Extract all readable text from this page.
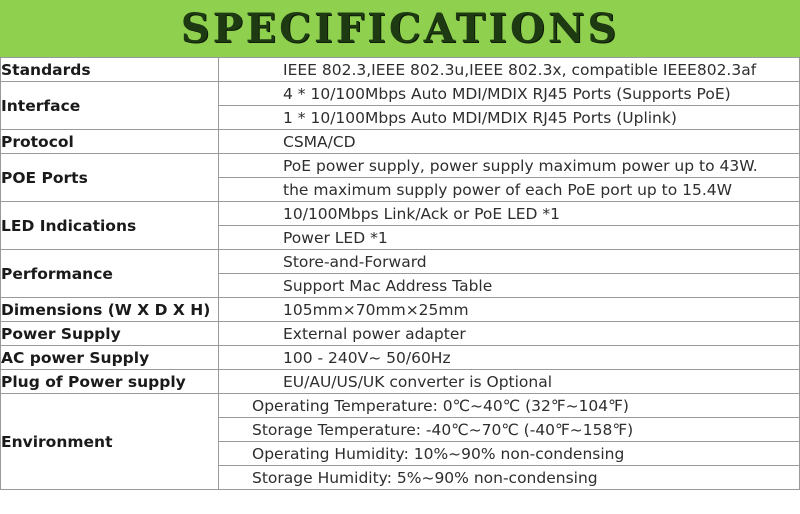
SPECIFICATIONS
Standards	IEEE 802.3,IEEE 802.3u,IEEE 802.3x, compatible IEEE802.3af
Interface	4 * 10/100Mbps Auto MDI/MDIX RJ45 Ports (Supports PoE)
	1 * 10/100Mbps Auto MDI/MDIX RJ45 Ports (Uplink)
Protocol	CSMA/CD
POE Ports	PoE power supply, power supply maximum power up to 43W.
	the maximum supply power of each PoE port up to 15.4W
LED Indications	10/100Mbps Link/Ack or PoE LED *1
	Power LED *1
Performance	Store-and-Forward
	Support Mac Address Table
Dimensions (W X D X H)	105mm×70mm×25mm
Power Supply	External power adapter
AC power Supply	100 - 240V~ 50/60Hz
Plug of Power supply	EU/AU/US/UK converter is Optional
Environment	Operating Temperature: 0℃~40℃ (32℉~104℉)
	Storage Temperature: -40℃~70℃ (-40℉~158℉)
	Operating Humidity: 10%~90% non-condensing
	Storage Humidity: 5%~90% non-condensing
